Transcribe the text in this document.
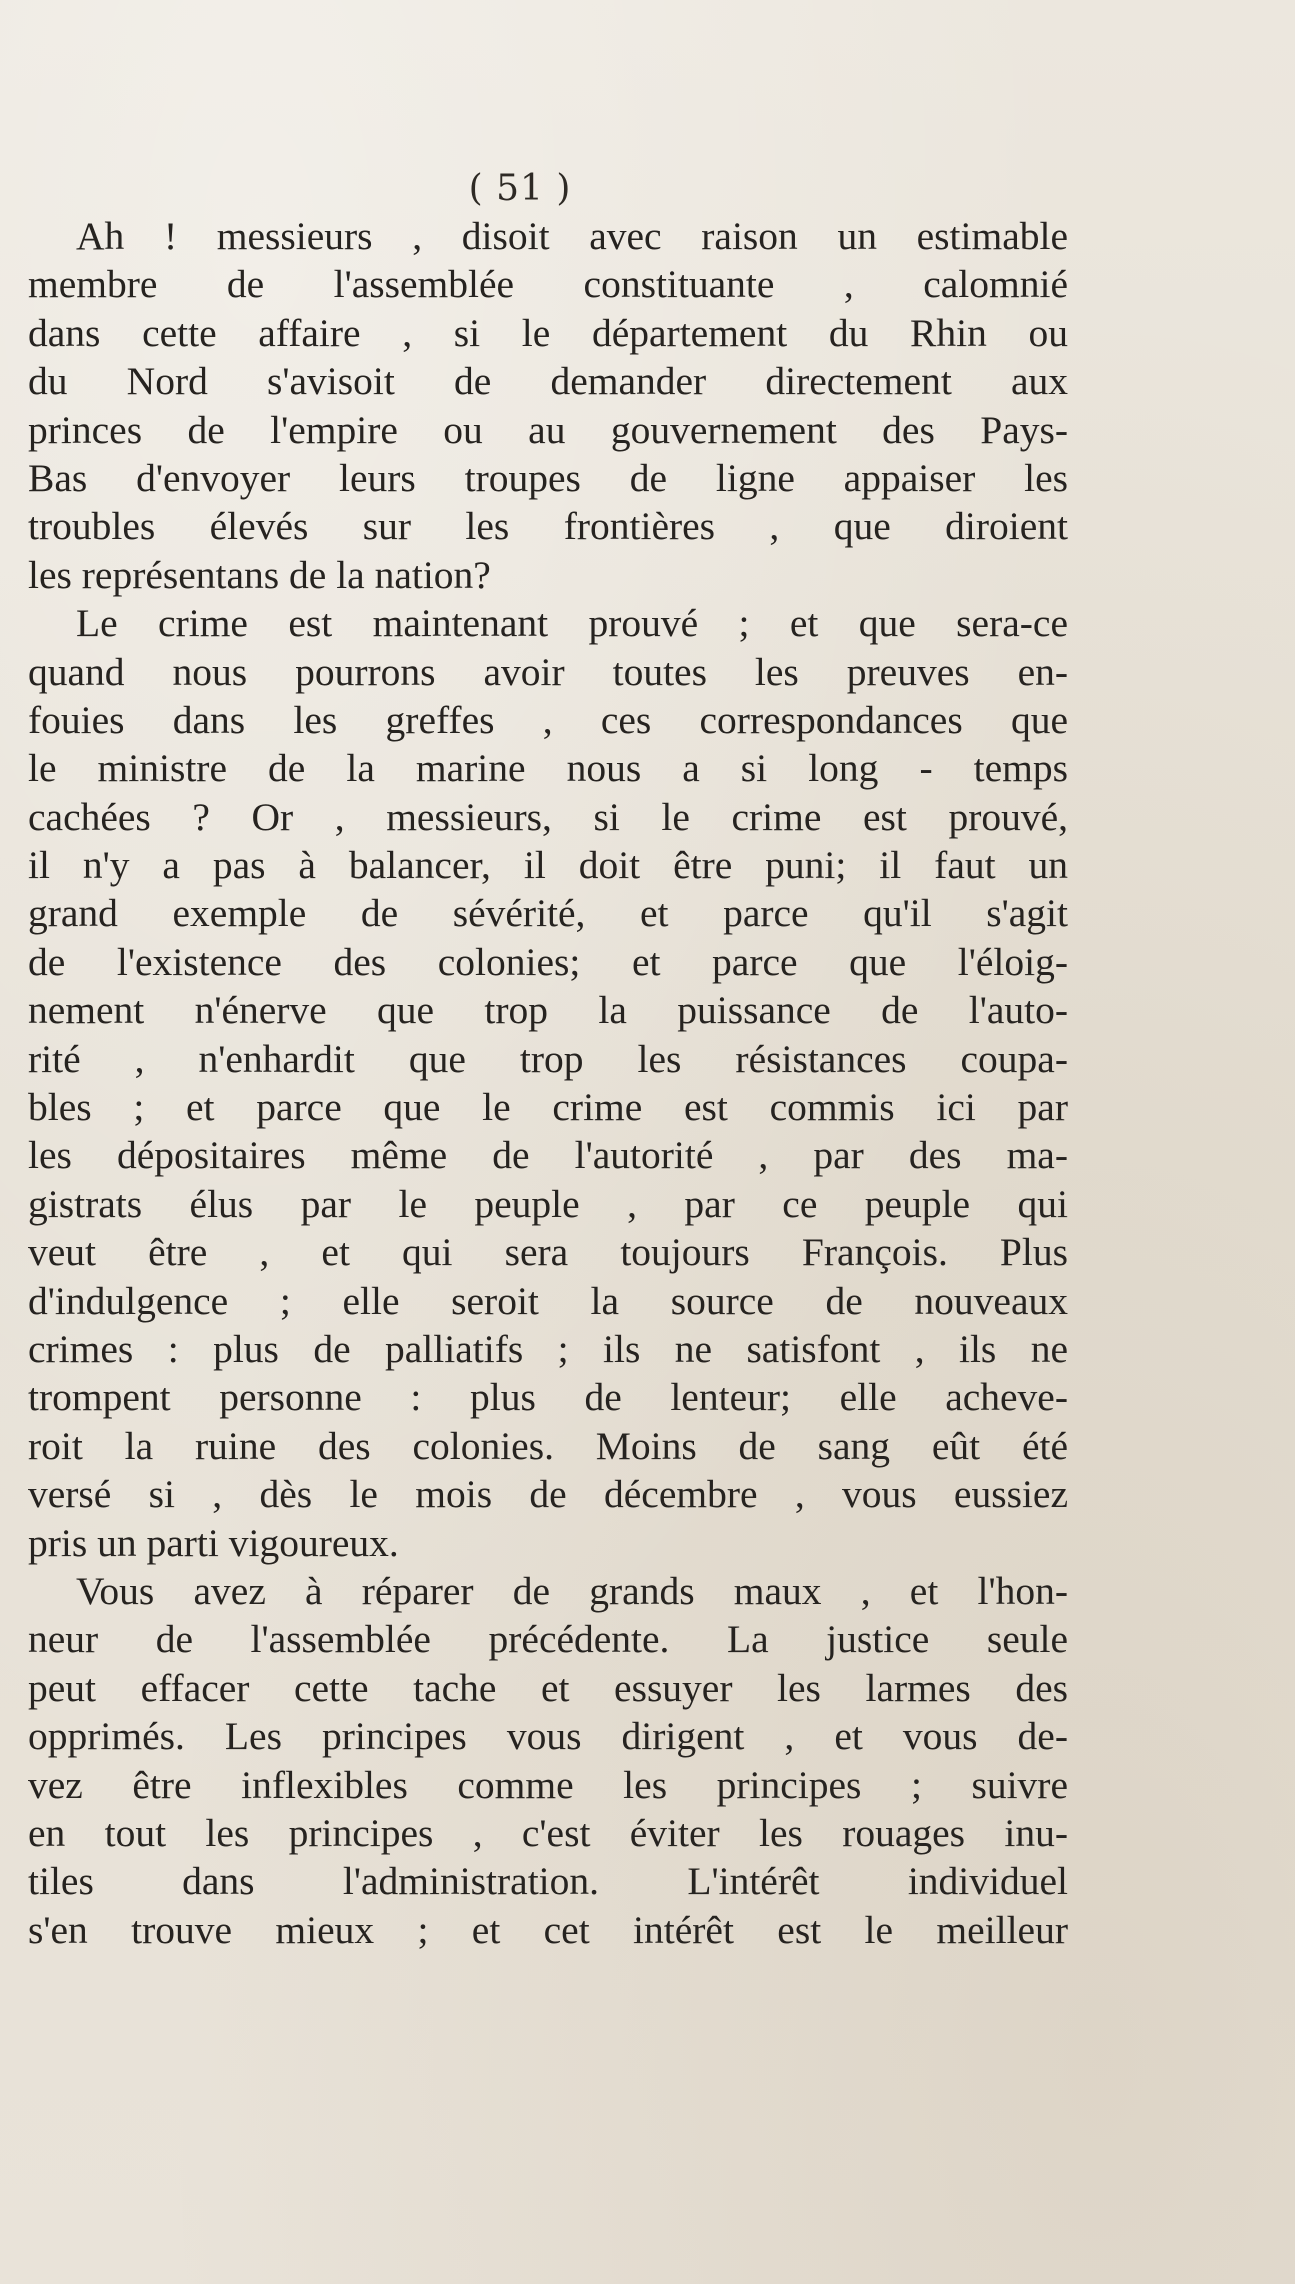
( 51 )
Ah ! messieurs , disoit avec raison un estimable
membre de l'assemblée constituante , calomnié
dans cette affaire , si le département du Rhin ou
du Nord s'avisoit de demander directement aux
princes de l'empire ou au gouvernement des Pays-
Bas d'envoyer leurs troupes de ligne appaiser les
troubles élevés sur les frontières , que diroient
les représentans de la nation?
Le crime est maintenant prouvé ; et que sera-ce
quand nous pourrons avoir toutes les preuves en-
fouies dans les greffes , ces correspondances que
le ministre de la marine nous a si long - temps
cachées ? Or , messieurs, si le crime est prouvé,
il n'y a pas à balancer, il doit être puni; il faut un
grand exemple de sévérité, et parce qu'il s'agit
de l'existence des colonies; et parce que l'éloig-
nement n'énerve que trop la puissance de l'auto-
rité , n'enhardit que trop les résistances coupa-
bles ; et parce que le crime est commis ici par
les dépositaires même de l'autorité , par des ma-
gistrats élus par le peuple , par ce peuple qui
veut être , et qui sera toujours François. Plus
d'indulgence ; elle seroit la source de nouveaux
crimes : plus de palliatifs ; ils ne satisfont , ils ne
trompent personne : plus de lenteur; elle acheve-
roit la ruine des colonies. Moins de sang eût été
versé si , dès le mois de décembre , vous eussiez
pris un parti vigoureux.
Vous avez à réparer de grands maux , et l'hon-
neur de l'assemblée précédente. La justice seule
peut effacer cette tache et essuyer les larmes des
opprimés. Les principes vous dirigent , et vous de-
vez être inflexibles comme les principes ; suivre
en tout les principes , c'est éviter les rouages inu-
tiles dans l'administration. L'intérêt individuel
s'en trouve mieux ; et cet intérêt est le meilleur
